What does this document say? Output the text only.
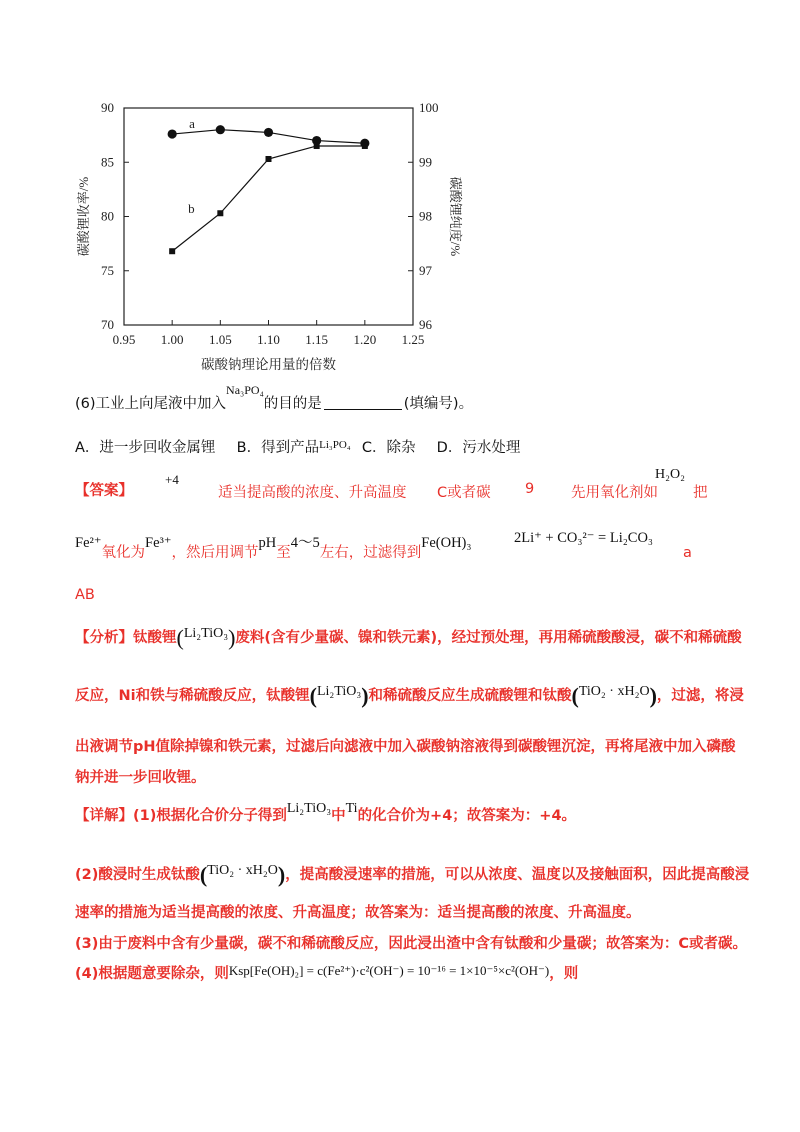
0.95 1.00 1.05 1.10 1.15 1.20 1.25
70
75
80
85
90
96
97
98
99
100
碳酸钠理论用量的倍数
碳酸锂收率/%	碳酸锂纯度/%
a
b
(6)工业上向尾液中加入$^{Na_3PO_4}$的目的是	(填编号)。
A．进一步回收金属锂 B．得到产品$^{Li_3PO_4}$ C．除杂 D．污水处理
【答案】
+4
适当提高酸的浓度、升高温度 C或者碳 9	先用氧化剂如
H₂O₂
把
Fe²⁺氧化为Fe³⁺，然后用调节pH至4～5左右，过滤得到Fe(OH)₃	2Li⁺ + CO₃²⁻ = Li₂CO₃
a
AB
【分析】钛酸锂(Li₂TiO₃)废料(含有少量碳、镍和铁元素)，经过预处理，再用稀硫酸酸浸，碳不和稀硫酸
反应，Ni和铁与稀硫酸反应，钛酸锂(Li₂TiO₃)和稀硫酸反应生成硫酸锂和钛酸(TiO₂ · xH₂O)，过滤，将浸
出液调节pH值除掉镍和铁元素，过滤后向滤液中加入碳酸钠溶液得到碳酸锂沉淀，再将尾液中加入磷酸
钠并进一步回收锂。
【详解】(1)根据化合价分子得到Li₂TiO₃中Ti的化合价为+4；故答案为：+4。
(2)酸浸时生成钛酸(TiO₂ · xH₂O)，提高酸浸速率的措施，可以从浓度、温度以及接触面积，因此提高酸浸
速率的措施为适当提高酸的浓度、升高温度；故答案为：适当提高酸的浓度、升高温度。
(3)由于废料中含有少量碳，碳不和稀硫酸反应，因此浸出渣中含有钛酸和少量碳；故答案为：C或者碳。
(4)根据题意要除杂，则Ksp[Fe(OH)₂] = c(Fe²⁺)·c²(OH⁻) = 10⁻¹⁶ = 1×10⁻⁵×c²(OH⁻)，则
